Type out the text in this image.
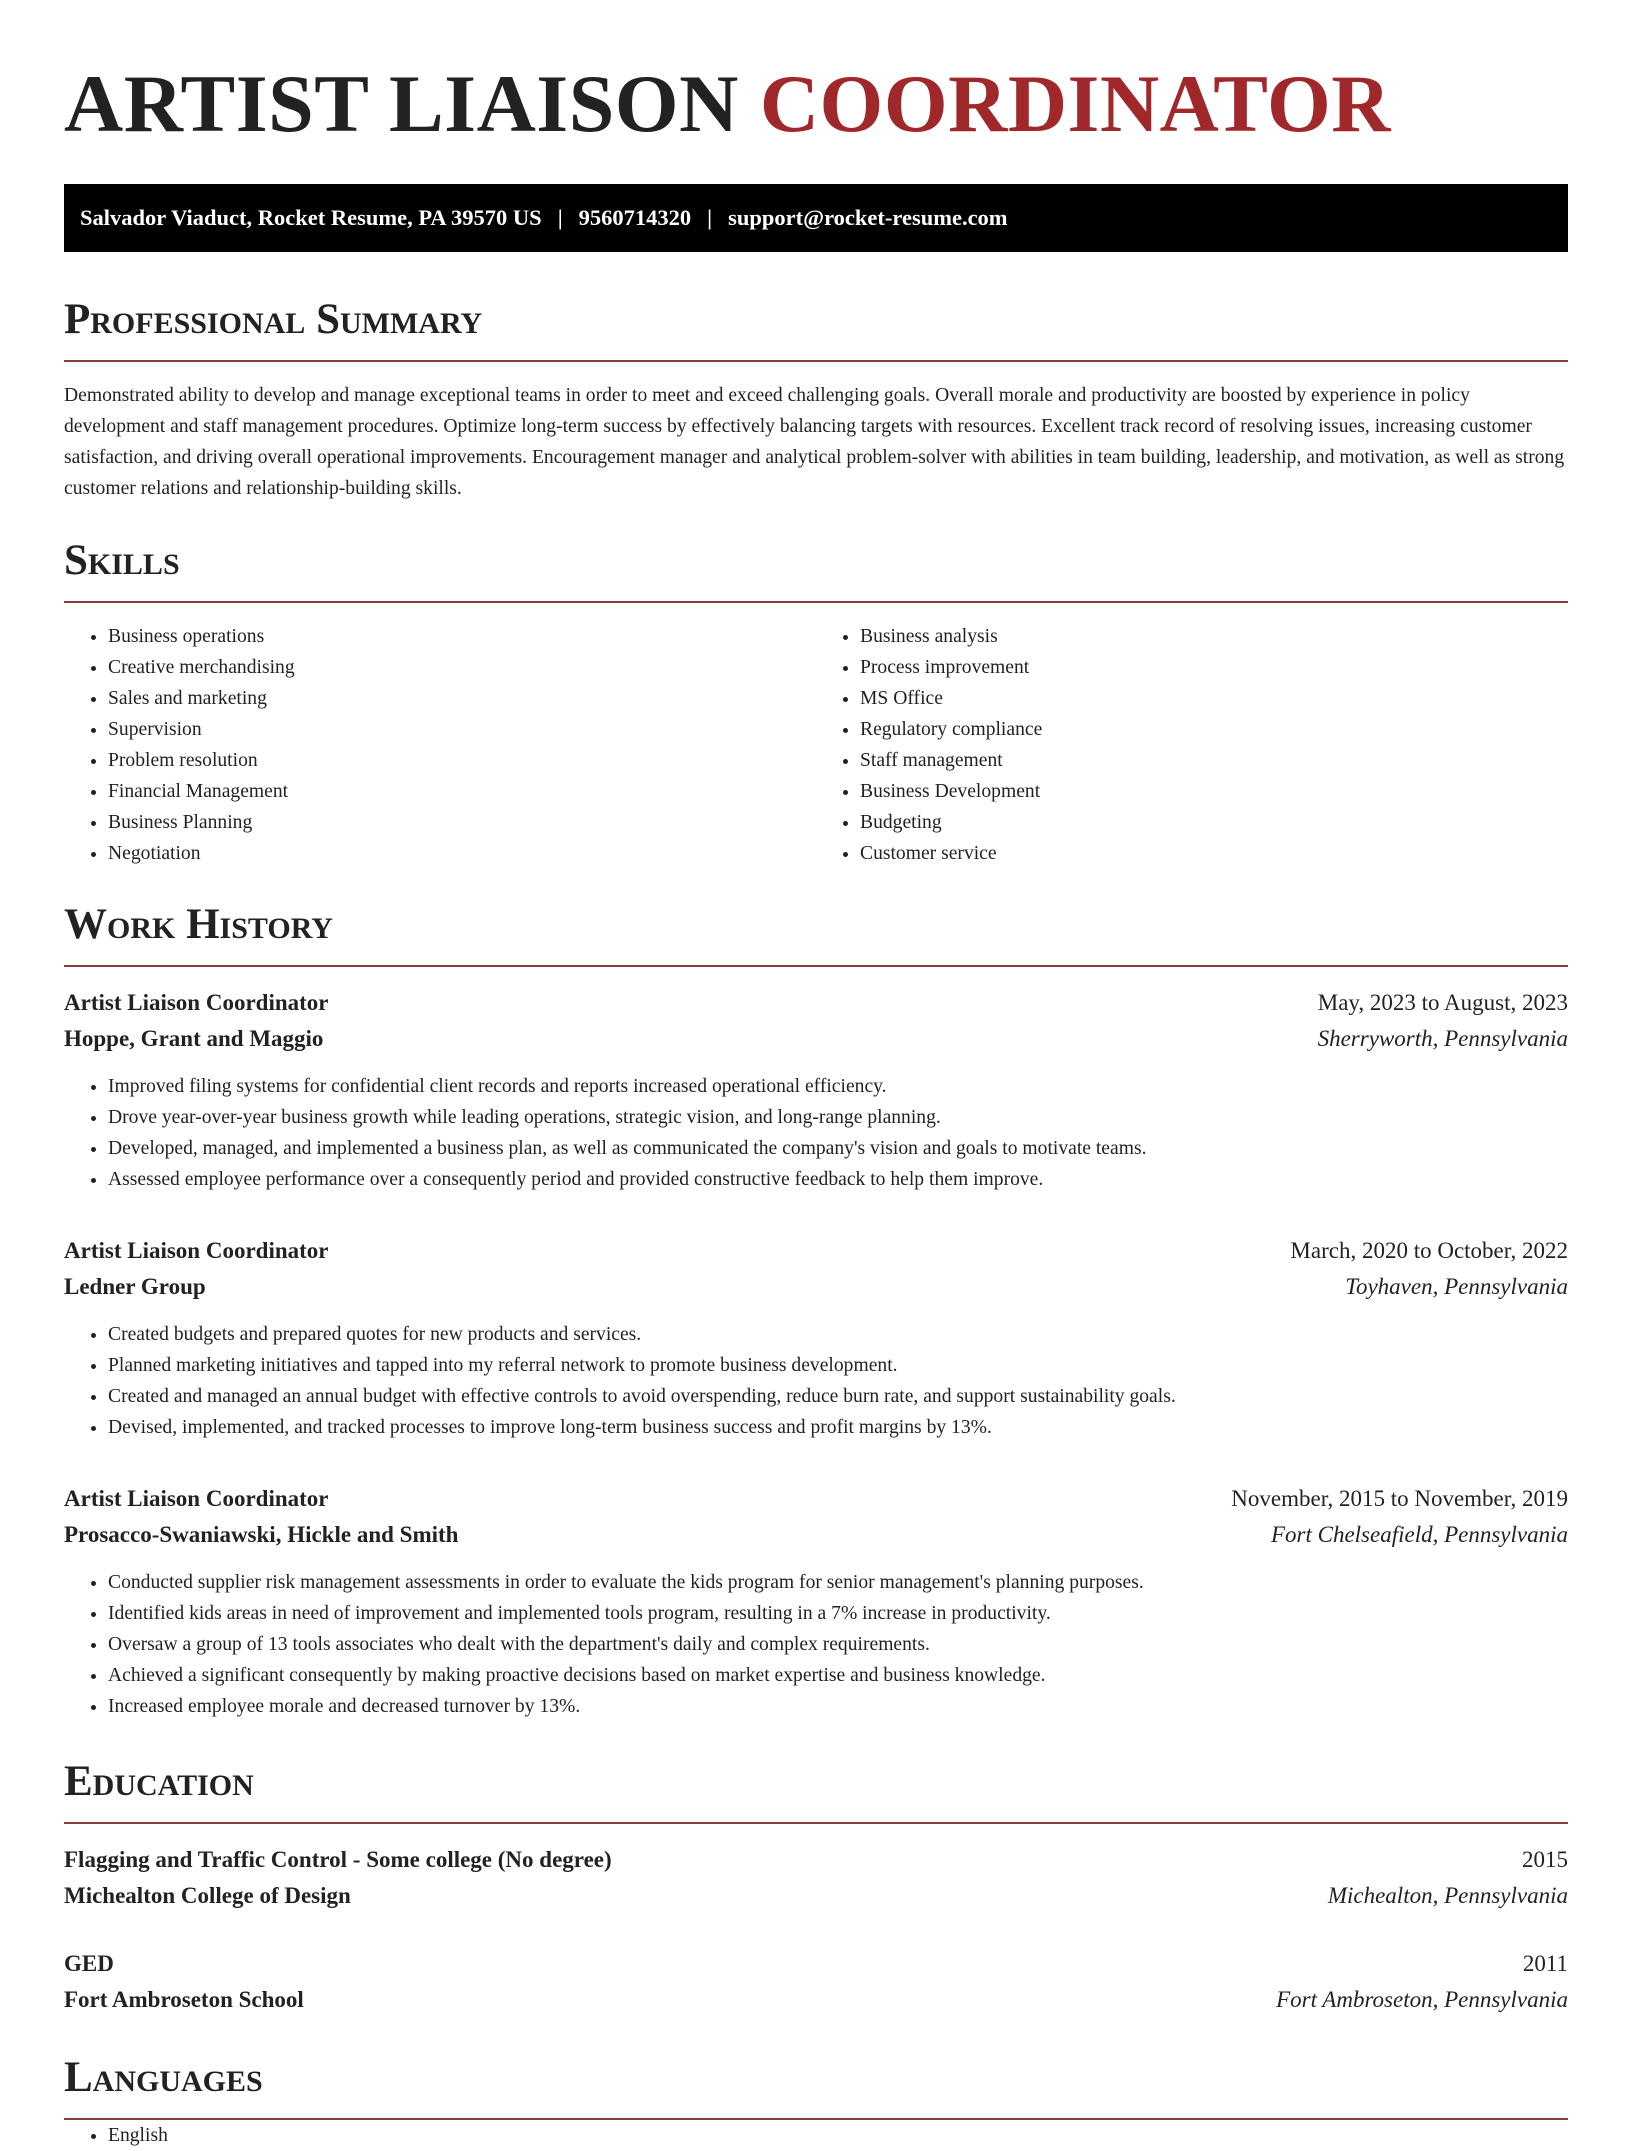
ARTIST LIAISON COORDINATOR
Salvador Viaduct, Rocket Resume, PA 39570 US | 9560714320 | support@rocket-resume.com
Professional Summary

Demonstrated ability to develop and manage exceptional teams in order to meet and exceed challenging goals. Overall morale and productivity are boosted by experience in policy development and staff management procedures. Optimize long-term success by effectively balancing targets with resources. Excellent track record of resolving issues, increasing customer satisfaction, and driving overall operational improvements. Encouragement manager and analytical problem-solver with abilities in team building, leadership, and motivation, as well as strong customer relations and relationship-building skills.

Skills
• Business operations
• Creative merchandising
• Sales and marketing
• Supervision
• Problem resolution
• Financial Management
• Business Planning
• Negotiation
• Business analysis
• Process improvement
• MS Office
• Regulatory compliance
• Staff management
• Business Development
• Budgeting
• Customer service
Work History
Artist Liaison Coordinator	May, 2023 to August, 2023
Hoppe, Grant and Maggio	Sherryworth, Pennsylvania
• Improved filing systems for confidential client records and reports increased operational efficiency.
• Drove year-over-year business growth while leading operations, strategic vision, and long-range planning.
• Developed, managed, and implemented a business plan, as well as communicated the company's vision and goals to motivate teams.
• Assessed employee performance over a consequently period and provided constructive feedback to help them improve.
Artist Liaison Coordinator	March, 2020 to October, 2022
Ledner Group	Toyhaven, Pennsylvania
• Created budgets and prepared quotes for new products and services.
• Planned marketing initiatives and tapped into my referral network to promote business development.
• Created and managed an annual budget with effective controls to avoid overspending, reduce burn rate, and support sustainability goals.
• Devised, implemented, and tracked processes to improve long-term business success and profit margins by 13%.
Artist Liaison Coordinator	November, 2015 to November, 2019
Prosacco-Swaniawski, Hickle and Smith	Fort Chelseafield, Pennsylvania
• Conducted supplier risk management assessments in order to evaluate the kids program for senior management's planning purposes.
• Identified kids areas in need of improvement and implemented tools program, resulting in a 7% increase in productivity.
• Oversaw a group of 13 tools associates who dealt with the department's daily and complex requirements.
• Achieved a significant consequently by making proactive decisions based on market expertise and business knowledge.
• Increased employee morale and decreased turnover by 13%.
Education
Flagging and Traffic Control - Some college (No degree)	2015
Michealton College of Design	Michealton, Pennsylvania
GED	2011
Fort Ambroseton School	Fort Ambroseton, Pennsylvania
Languages
• English
